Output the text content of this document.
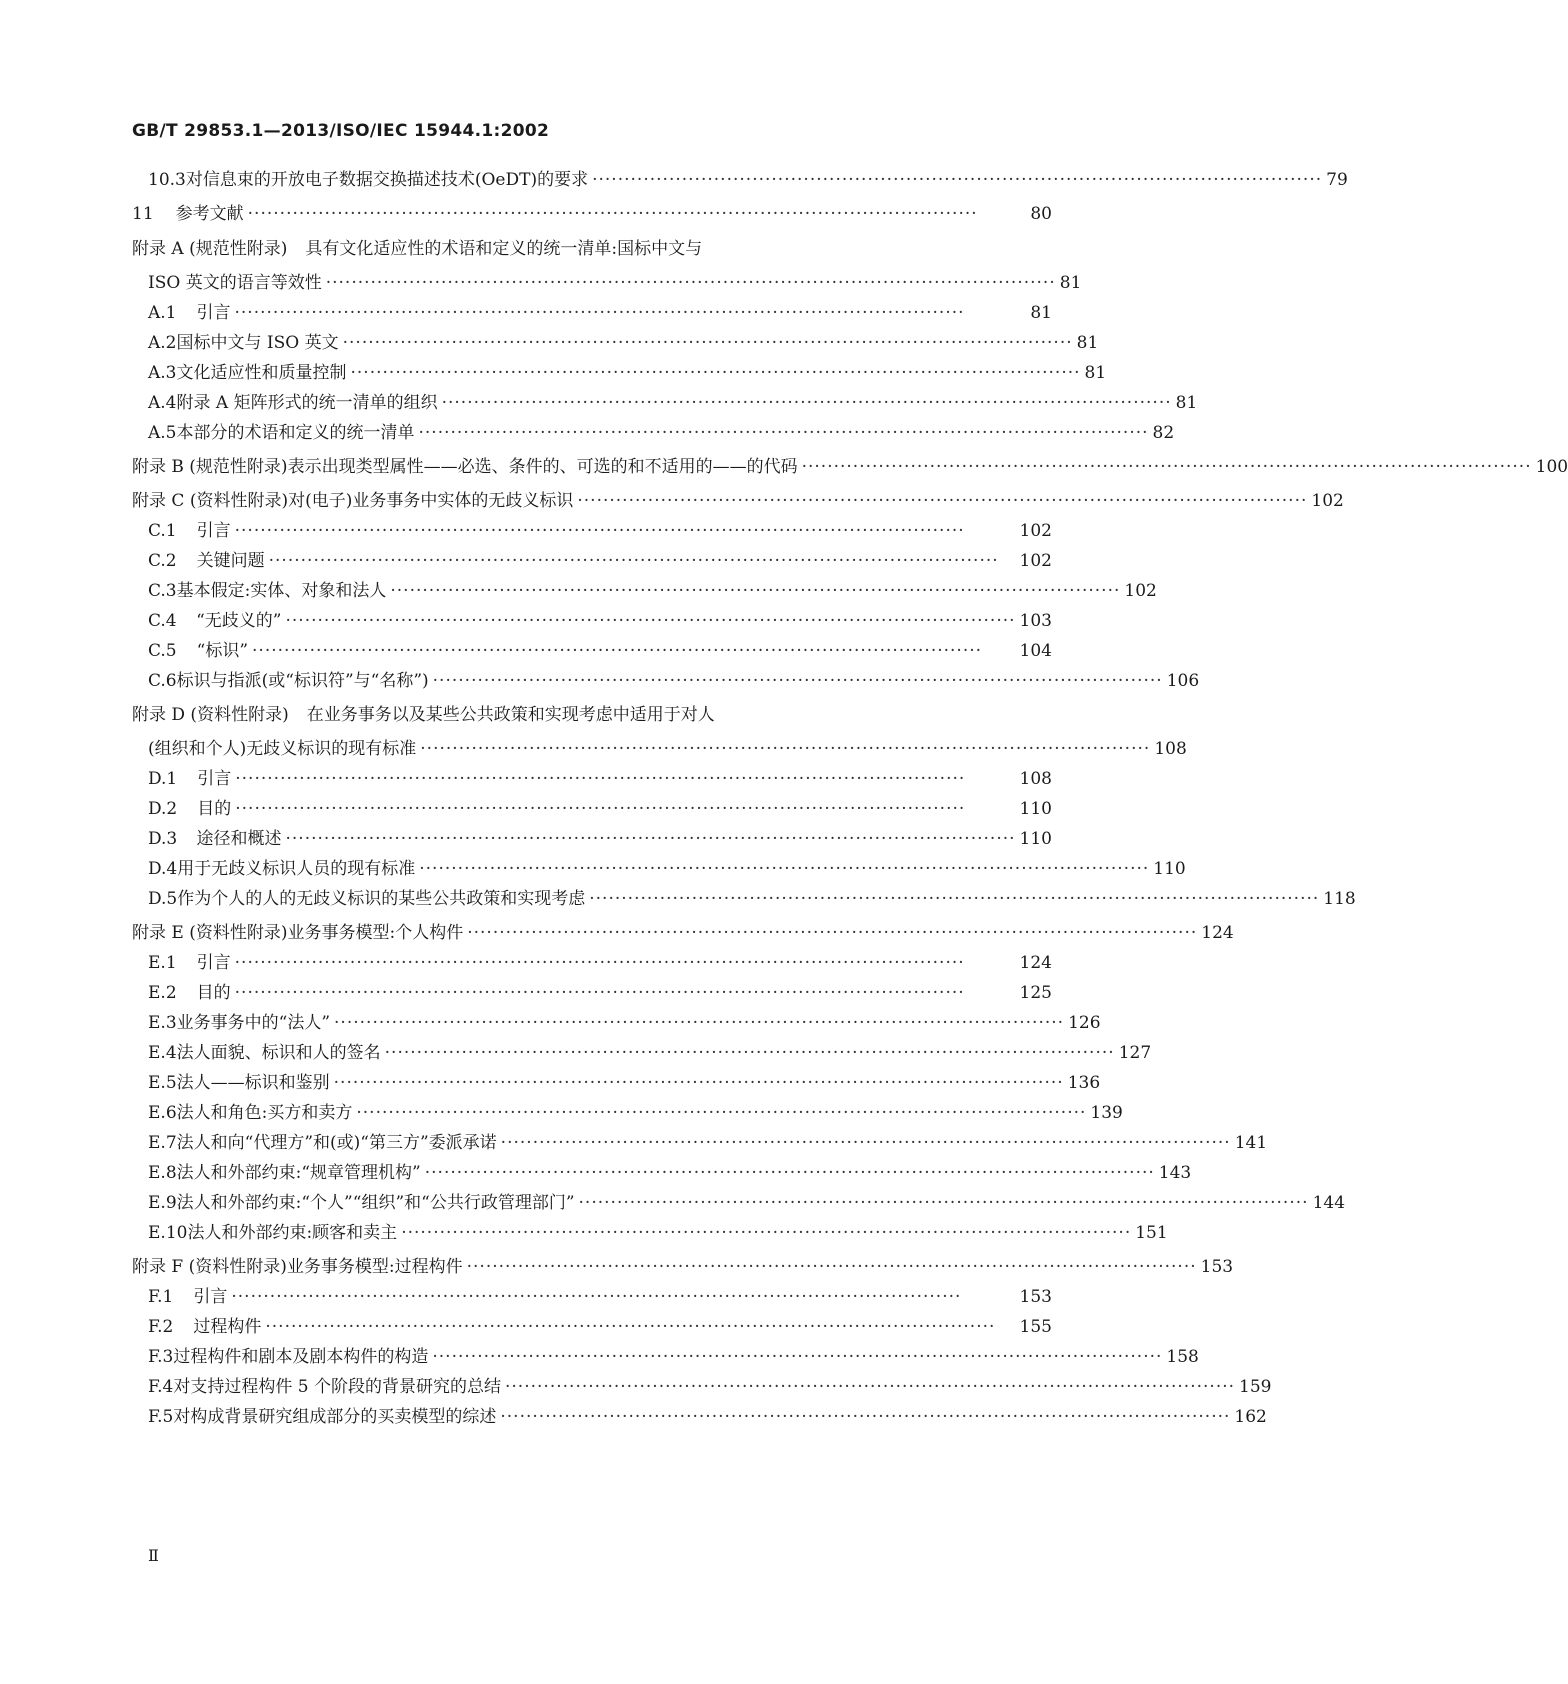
GB/T 29853.1—2013/ISO/IEC 15944.1:2002
10.3 对信息束的开放电子数据交换描述技术(OeDT)的要求 ·················································································································· 79
11 参考文献 ··················································································································	80
附录 A (规范性附录) 具有文化适应性的术语和定义的统一清单:国标中文与
ISO 英文的语言等效性 ·················································································································· 81
A.1 引言 ··················································································································	81
A.2 国标中文与 ISO 英文 ·················································································································· 81
A.3 文化适应性和质量控制 ·················································································································· 81
A.4 附录 A 矩阵形式的统一清单的组织 ·················································································································· 81
A.5 本部分的术语和定义的统一清单 ·················································································································· 82
附录 B (规范性附录) 表示出现类型属性——必选、条件的、可选的和不适用的——的代码 ·················································································································· 100
附录 C (资料性附录) 对(电子)业务事务中实体的无歧义标识 ·················································································································· 102
C.1 引言 ··················································································································	102
C.2 关键问题 ··················································································································	102
C.3 基本假定:实体、对象和法人 ·················································································································· 102
C.4 “无歧义的” ·················································································································· 103
C.5 “标识” ··················································································································	104
C.6 标识与指派(或“标识符”与“名称”) ·················································································································· 106
附录 D (资料性附录) 在业务事务以及某些公共政策和实现考虑中适用于对人
(组织和个人)无歧义标识的现有标准 ·················································································································· 108
D.1 引言 ··················································································································	108
D.2 目的 ··················································································································	110
D.3 途径和概述 ·················································································································· 110
D.4 用于无歧义标识人员的现有标准 ·················································································································· 110
D.5 作为个人的人的无歧义标识的某些公共政策和实现考虑 ·················································································································· 118
附录 E (资料性附录) 业务事务模型:个人构件 ·················································································································· 124
E.1 引言 ··················································································································	124
E.2 目的 ··················································································································	125
E.3 业务事务中的“法人” ·················································································································· 126
E.4 法人面貌、标识和人的签名 ·················································································································· 127
E.5 法人——标识和鉴别 ·················································································································· 136
E.6 法人和角色:买方和卖方 ·················································································································· 139
E.7 法人和向“代理方”和(或)“第三方”委派承诺 ·················································································································· 141
E.8 法人和外部约束:“规章管理机构” ·················································································································· 143
E.9 法人和外部约束:“个人”“组织”和“公共行政管理部门” ·················································································································· 144
E.10 法人和外部约束:顾客和卖主 ·················································································································· 151
附录 F (资料性附录) 业务事务模型:过程构件 ·················································································································· 153
F.1 引言 ··················································································································	153
F.2 过程构件 ··················································································································	155
F.3 过程构件和剧本及剧本构件的构造 ·················································································································· 158
F.4 对支持过程构件 5 个阶段的背景研究的总结 ·················································································································· 159
F.5 对构成背景研究组成部分的买卖模型的综述 ·················································································································· 162
Ⅱ
